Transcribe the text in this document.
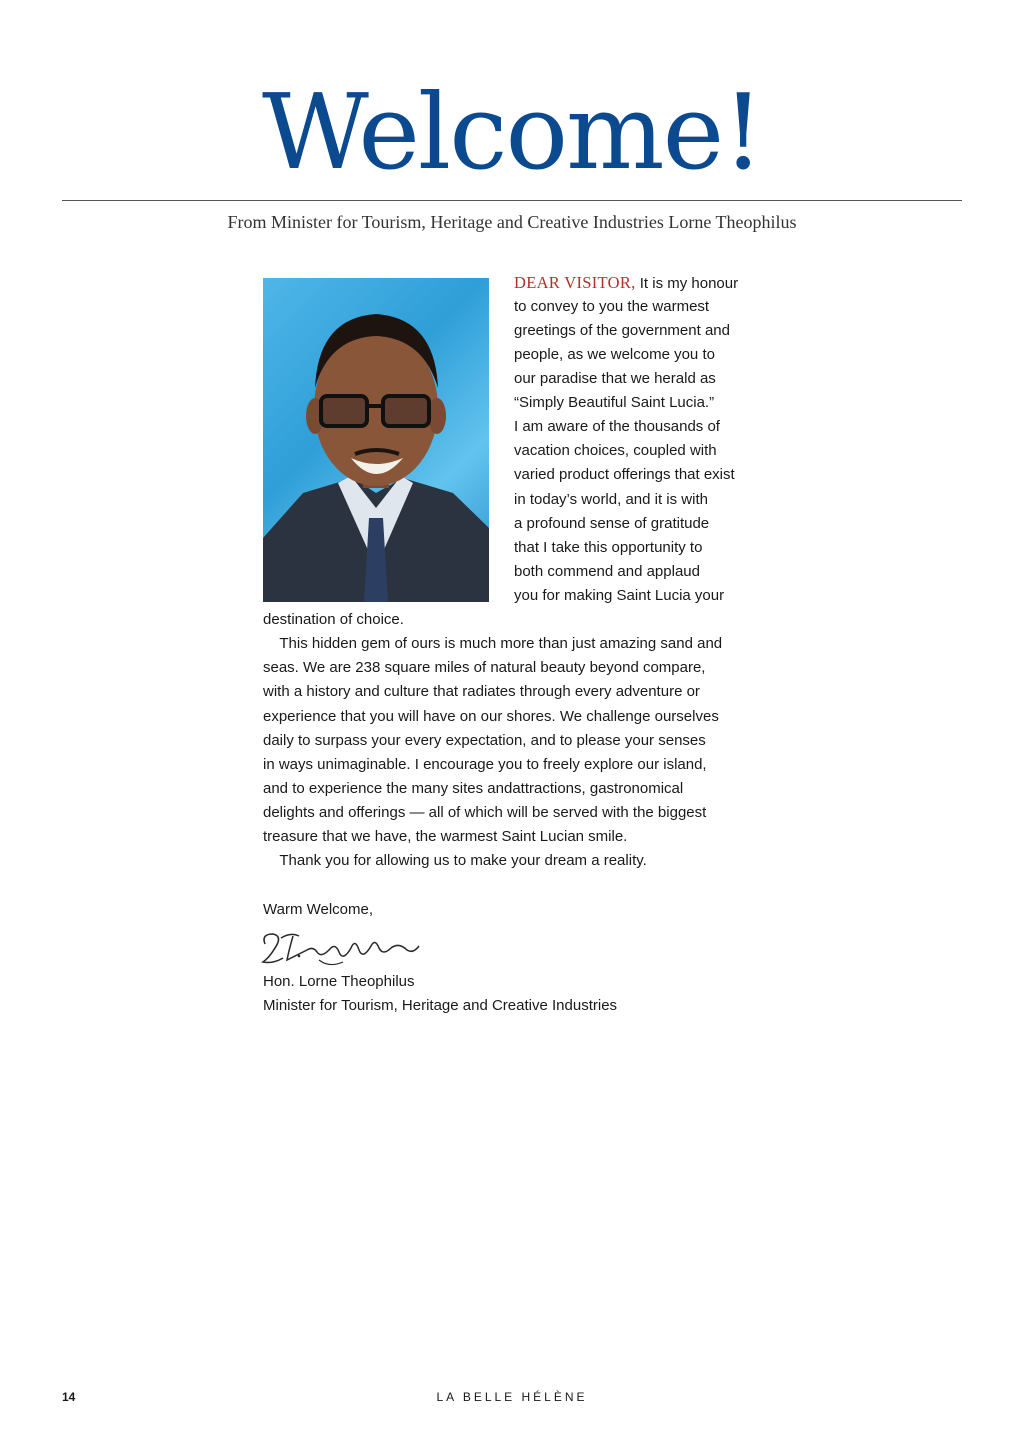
Welcome!
From Minister for Tourism, Heritage and Creative Industries Lorne Theophilus
DEAR VISITOR, It is my honour
to convey to you the warmest
greetings of the government and
people, as we welcome you to
our paradise that we herald as
“Simply Beautiful Saint Lucia.”
I am aware of the thousands of
vacation choices, coupled with
varied product offerings that exist
in today’s world, and it is with
a profound sense of gratitude
that I take this opportunity to
both commend and applaud
you for making Saint Lucia your
destination of choice.
This hidden gem of ours is much more than just amazing sand and
seas. We are 238 square miles of natural beauty beyond compare,
with a history and culture that radiates through every adventure or
experience that you will have on our shores. We challenge ourselves
daily to surpass your every expectation, and to please your senses
in ways unimaginable. I encourage you to freely explore our island,
and to experience the many sites andattractions, gastronomical
delights and offerings — all of which will be served with the biggest
treasure that we have, the warmest Saint Lucian smile.
Thank you for allowing us to make your dream a reality.
Warm Welcome,
Hon. Lorne Theophilus
Minister for Tourism, Heritage and Creative Industries
14	LA BELLE HÉLÈNE
